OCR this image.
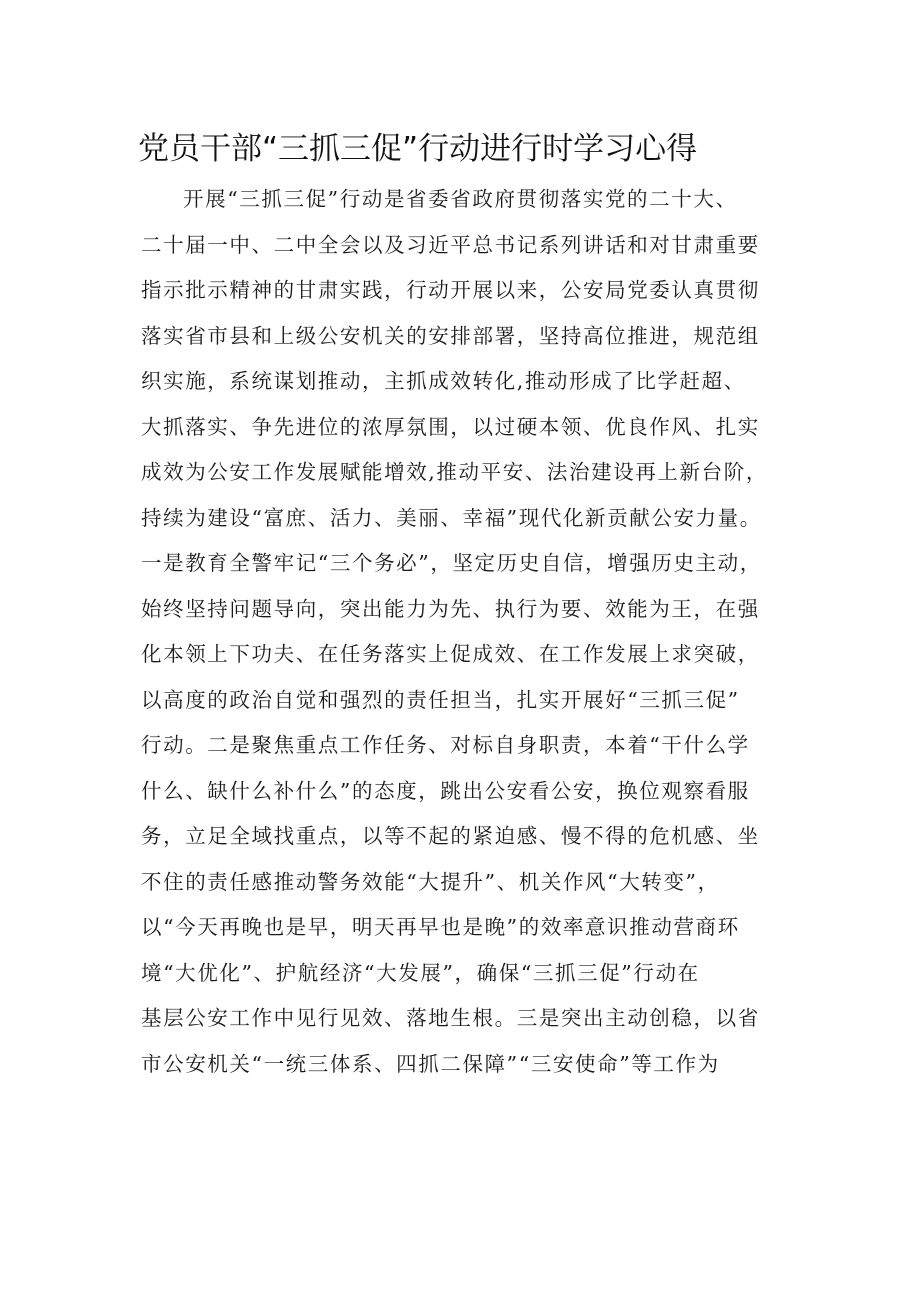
党员干部“三抓三促”行动进行时学习心得
开展“三抓三促”行动是省委省政府贯彻落实党的二十大、
二十届一中、二中全会以及习近平总书记系列讲话和对甘肃重要
指示批示精神的甘肃实践，行动开展以来，公安局党委认真贯彻
落实省市县和上级公安机关的安排部署，坚持高位推进，规范组
织实施，系统谋划推动，主抓成效转化,推动形成了比学赶超、
大抓落实、争先进位的浓厚氛围，以过硬本领、优良作风、扎实
成效为公安工作发展赋能增效,推动平安、法治建设再上新台阶，
持续为建设“富庶、活力、美丽、幸福”现代化新贡献公安力量。
一是教育全警牢记“三个务必”，坚定历史自信，增强历史主动，
始终坚持问题导向，突出能力为先、执行为要、效能为王，在强
化本领上下功夫、在任务落实上促成效、在工作发展上求突破，
以高度的政治自觉和强烈的责任担当，扎实开展好“三抓三促”
行动。二是聚焦重点工作任务、对标自身职责，本着“干什么学
什么、缺什么补什么”的态度，跳出公安看公安，换位观察看服
务，立足全域找重点，以等不起的紧迫感、慢不得的危机感、坐
不住的责任感推动警务效能“大提升”、机关作风“大转变”，
以“今天再晚也是早，明天再早也是晚”的效率意识推动营商环
境“大优化”、护航经济“大发展”，确保“三抓三促”行动在
基层公安工作中见行见效、落地生根。三是突出主动创稳，以省
市公安机关“一统三体系、四抓二保障”“三安使命”等工作为
